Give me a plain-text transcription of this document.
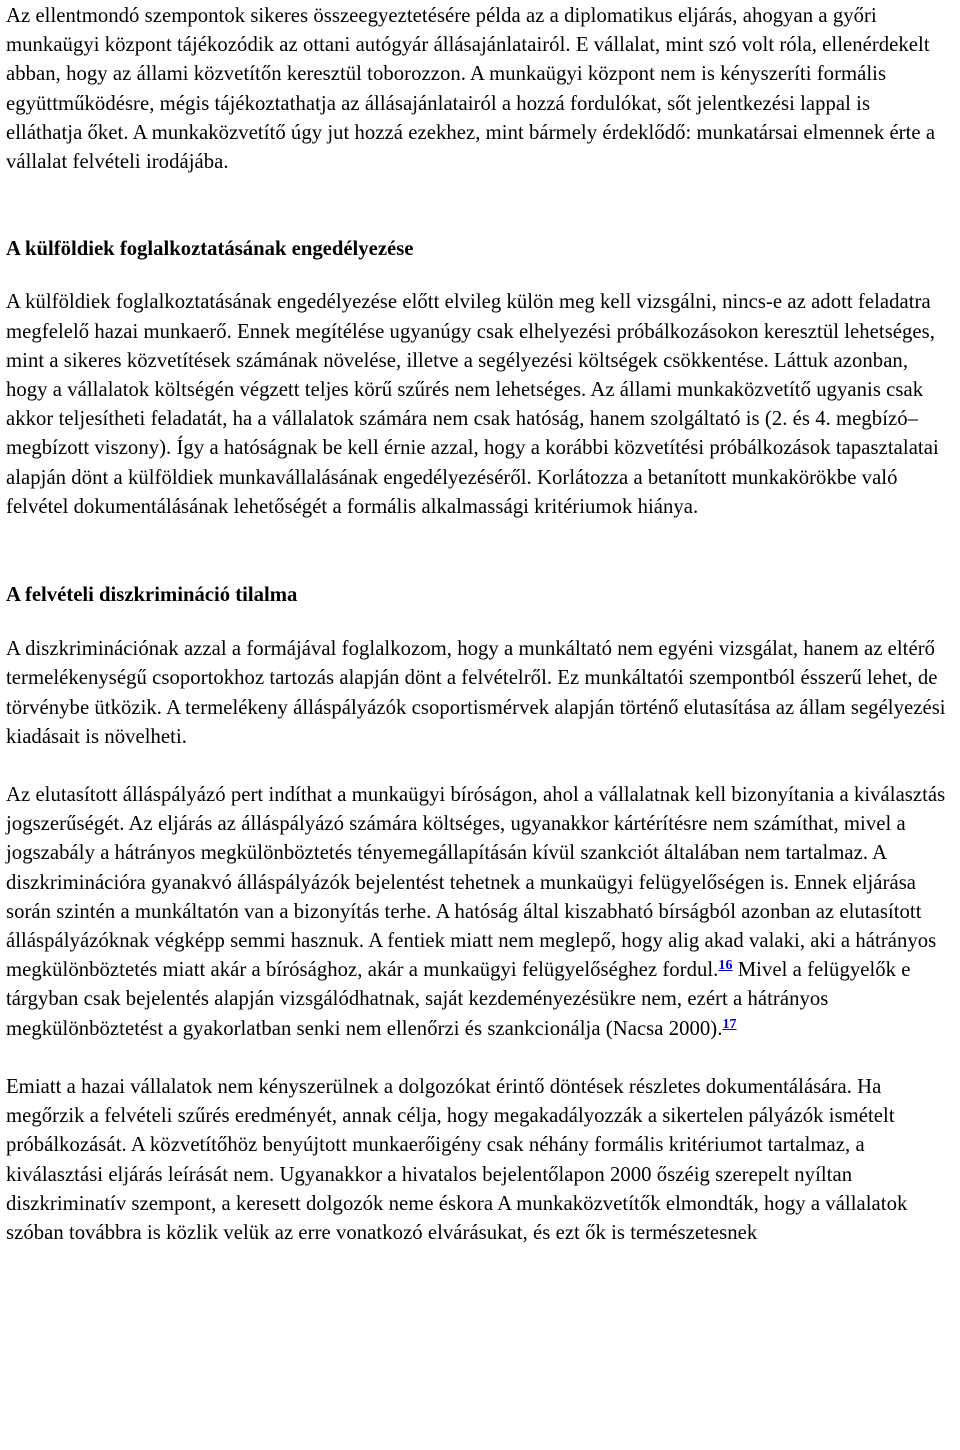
Az ellentmondó szempontok sikeres összeegyeztetésére példa az a diplomatikus eljárás, ahogyan a győri munkaügyi központ tájékozódik az ottani autógyár állásajánlatairól. E vállalat, mint szó volt róla, ellenérdekelt abban, hogy az állami közvetítőn keresztül toborozzon. A munkaügyi központ nem is kényszeríti formális együttműködésre, mégis tájékoztathatja az állásajánlatairól a hozzá fordulókat, sőt jelentkezési lappal is elláthatja őket. A munkaközvetítő úgy jut hozzá ezekhez, mint bármely érdeklődő: munkatársai elmennek érte a vállalat felvételi irodájába.

A külföldiek foglalkoztatásának engedélyezése

A külföldiek foglalkoztatásának engedélyezése előtt elvileg külön meg kell vizsgálni, nincs-e az adott feladatra megfelelő hazai munkaerő. Ennek megítélése ugyanúgy csak elhelyezési próbálkozásokon keresztül lehetséges, mint a sikeres közvetítések számának növelése, illetve a segélyezési költségek csökkentése. Láttuk azonban, hogy a vállalatok költségén végzett teljes körű szűrés nem lehetséges. Az állami munkaközvetítő ugyanis csak akkor teljesítheti feladatát, ha a vállalatok számára nem csak hatóság, hanem szolgáltató is (2. és 4. megbízó–megbízott viszony). Így a hatóságnak be kell érnie azzal, hogy a korábbi közvetítési próbálkozások tapasztalatai alapján dönt a külföldiek munkavállalásának engedélyezéséről. Korlátozza a betanított munkakörökbe való felvétel dokumentálásának lehetőségét a formális alkalmassági kritériumok hiánya.

A felvételi diszkrimináció tilalma

A diszkriminációnak azzal a formájával foglalkozom, hogy a munkáltató nem egyéni vizsgálat, hanem az eltérő termelékenységű csoportokhoz tartozás alapján dönt a felvételről. Ez munkáltatói szempontból ésszerű lehet, de törvénybe ütközik. A termelékeny álláspályázók csoportismérvek alapján történő elutasítása az állam segélyezési kiadásait is növelheti.

Az elutasított álláspályázó pert indíthat a munkaügyi bíróságon, ahol a vállalatnak kell bizonyítania a kiválasztás jogszerűségét. Az eljárás az álláspályázó számára költséges, ugyanakkor kártérítésre nem számíthat, mivel a jogszabály a hátrányos megkülönböztetés tényemegállapításán kívül szankciót általában nem tartalmaz. A diszkriminációra gyanakvó álláspályázók bejelentést tehetnek a munkaügyi felügyelőségen is. Ennek eljárása során szintén a munkáltatón van a bizonyítás terhe. A hatóság által kiszabható bírságból azonban az elutasított álláspályázóknak végképp semmi hasznuk. A fentiek miatt nem meglepő, hogy alig akad valaki, aki a hátrányos megkülönböztetés miatt akár a bírósághoz, akár a munkaügyi felügyelőséghez fordul.$^{16}$ Mivel a felügyelők e tárgyban csak bejelentés alapján vizsgálódhatnak, saját kezdeményezésükre nem, ezért a hátrányos megkülönböztetést a gyakorlatban senki nem ellenőrzi és szankcionálja (Nacsa 2000).$^{17}$

Emiatt a hazai vállalatok nem kényszerülnek a dolgozókat érintő döntések részletes dokumentálására. Ha megőrzik a felvételi szűrés eredményét, annak célja, hogy megakadályozzák a sikertelen pályázók ismételt próbálkozását. A közvetítőhöz benyújtott munkaerőigény csak néhány formális kritériumot tartalmaz, a kiválasztási eljárás leírását nem. Ugyanakkor a hivatalos bejelentőlapon 2000 őszéig szerepelt nyíltan diszkriminatív szempont, a keresett dolgozók neme éskora A munkaközvetítők elmondták, hogy a vállalatok szóban továbbra is közlik velük az erre vonatkozó elvárásukat, és ezt ők is természetesnek
